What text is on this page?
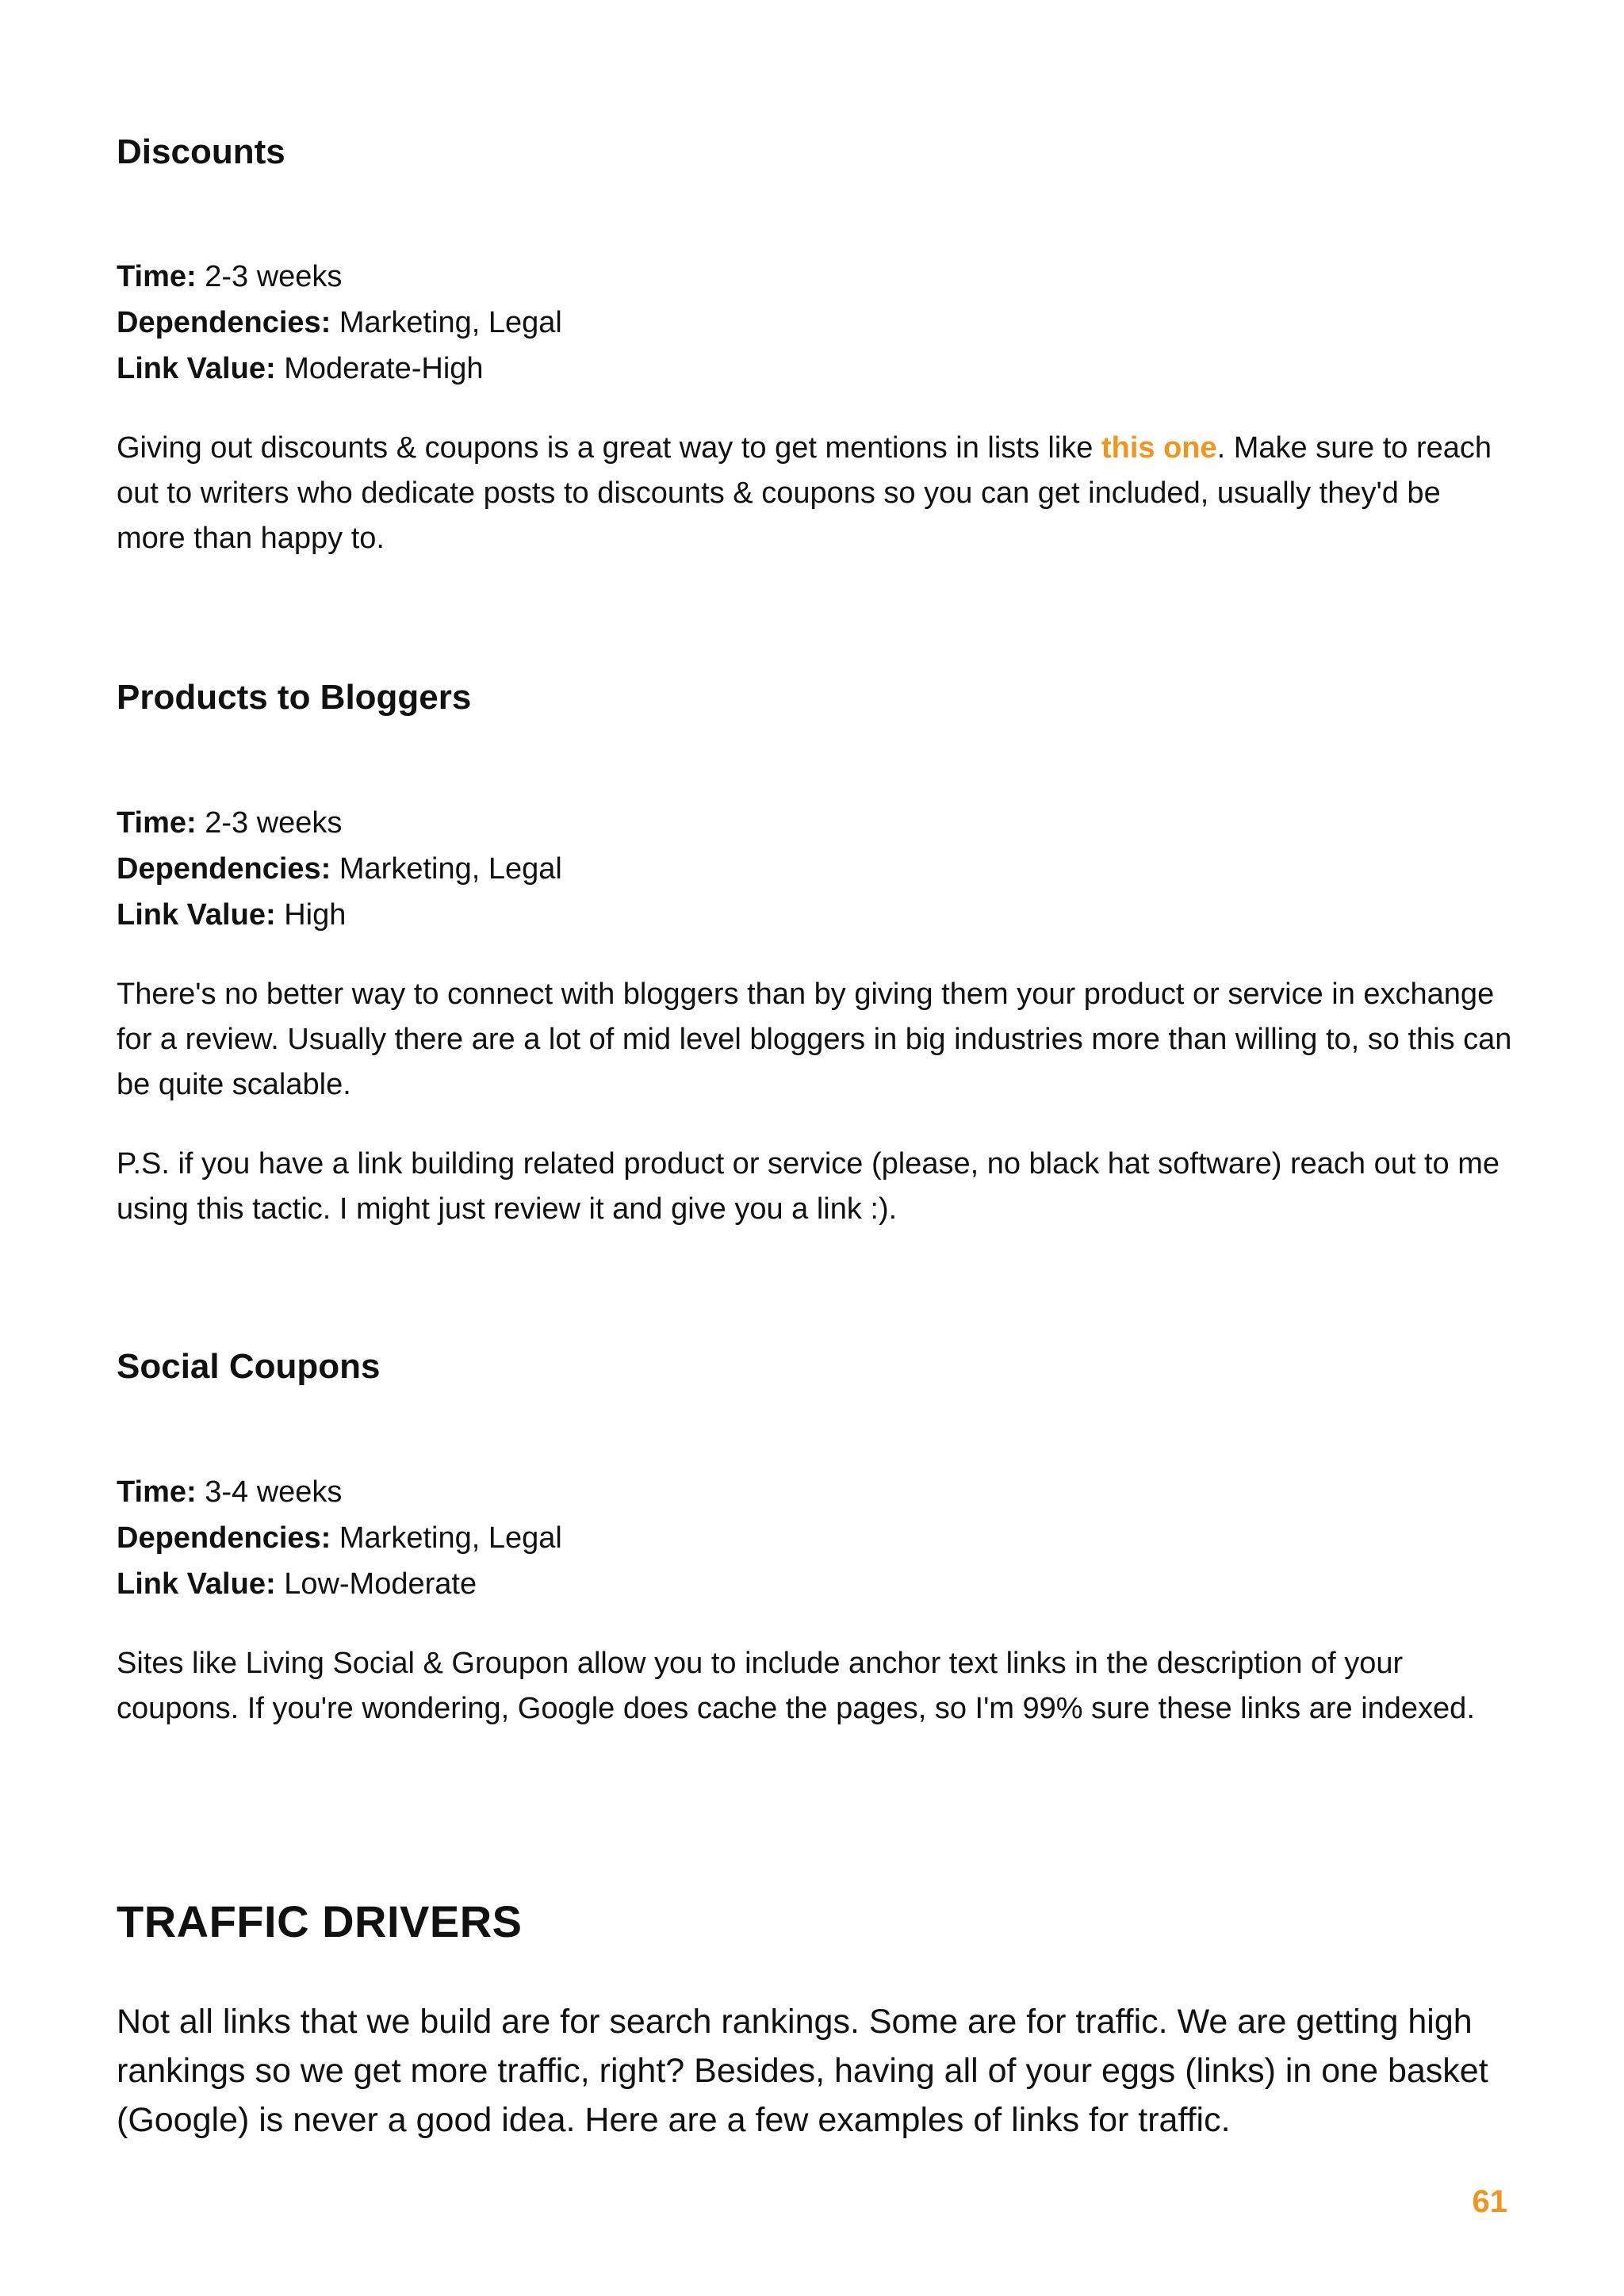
Discounts
Time: 2-3 weeks
Dependencies: Marketing, Legal
Link Value: Moderate-High

Giving out discounts & coupons is a great way to get mentions in lists like this one. Make sure to reach out to writers who dedicate posts to discounts & coupons so you can get included, usually they'd be more than happy to.

Products to Bloggers
Time: 2-3 weeks
Dependencies: Marketing, Legal
Link Value: High

There's no better way to connect with bloggers than by giving them your product or service in exchange for a review. Usually there are a lot of mid level bloggers in big industries more than willing to, so this can be quite scalable.

P.S. if you have a link building related product or service (please, no black hat software) reach out to me using this tactic. I might just review it and give you a link :).

Social Coupons
Time: 3-4 weeks
Dependencies: Marketing, Legal
Link Value: Low-Moderate

Sites like Living Social & Groupon allow you to include anchor text links in the description of your coupons. If you're wondering, Google does cache the pages, so I'm 99% sure these links are indexed.

TRAFFIC DRIVERS

Not all links that we build are for search rankings. Some are for traffic. We are getting high rankings so we get more traffic, right? Besides, having all of your eggs (links) in one basket (Google) is never a good idea. Here are a few examples of links for traffic.

61
